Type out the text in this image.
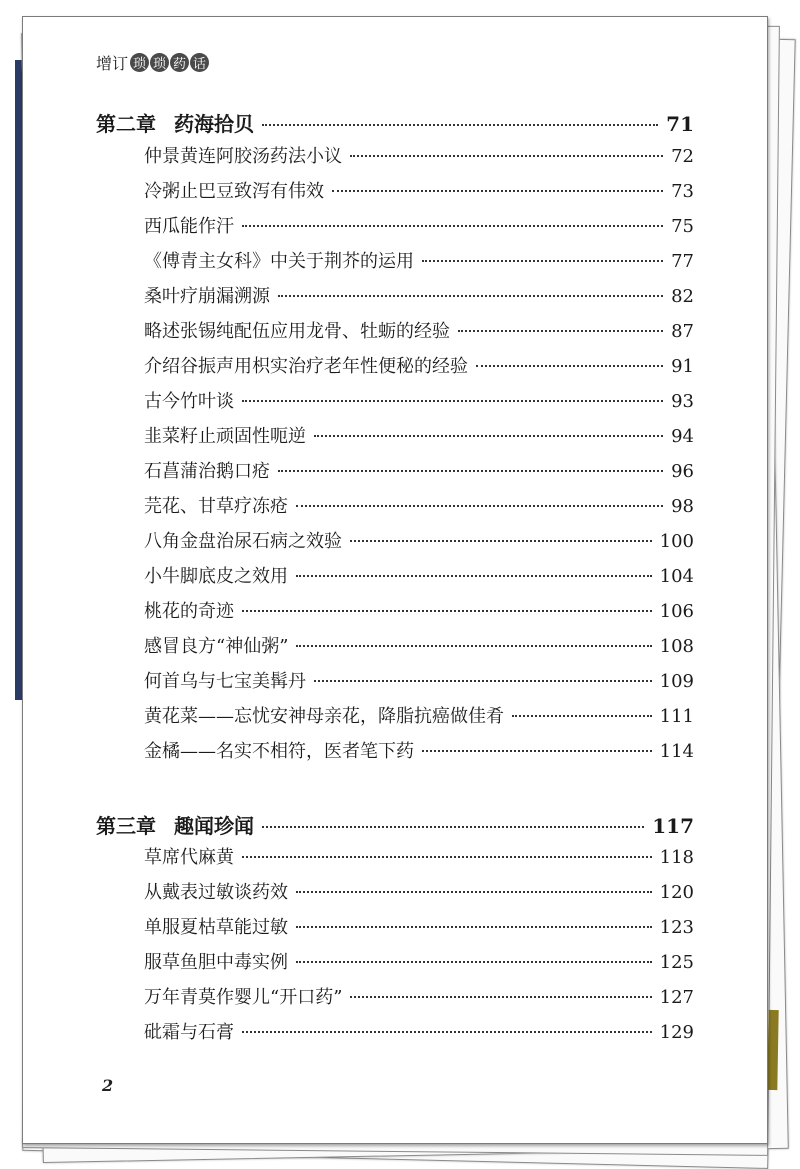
增订 琐 琐 药 话
第二章 药海拾贝	71
仲景黄连阿胶汤药法小议	72
冷粥止巴豆致泻有伟效	73
西瓜能作汗	75
《傅青主女科》中关于荆芥的运用	77
桑叶疗崩漏溯源	82
略述张锡纯配伍应用龙骨、牡蛎的经验	87
介绍谷振声用枳实治疗老年性便秘的经验	91
古今竹叶谈	93
韭菜籽止顽固性呃逆	94
石菖蒲治鹅口疮	96
芫花、甘草疗冻疮	98
八角金盘治尿石病之效验	100
小牛脚底皮之效用	104
桃花的奇迹	106
感冒良方“神仙粥”	108
何首乌与七宝美髯丹	109
黄花菜——忘忧安神母亲花，降脂抗癌做佳肴	111
金橘——名实不相符，医者笔下药	114
第三章 趣闻珍闻	117
草席代麻黄	118
从戴表过敏谈药效	120
单服夏枯草能过敏	123
服草鱼胆中毒实例	125
万年青莫作婴儿“开口药”	127
砒霜与石膏	129
2
